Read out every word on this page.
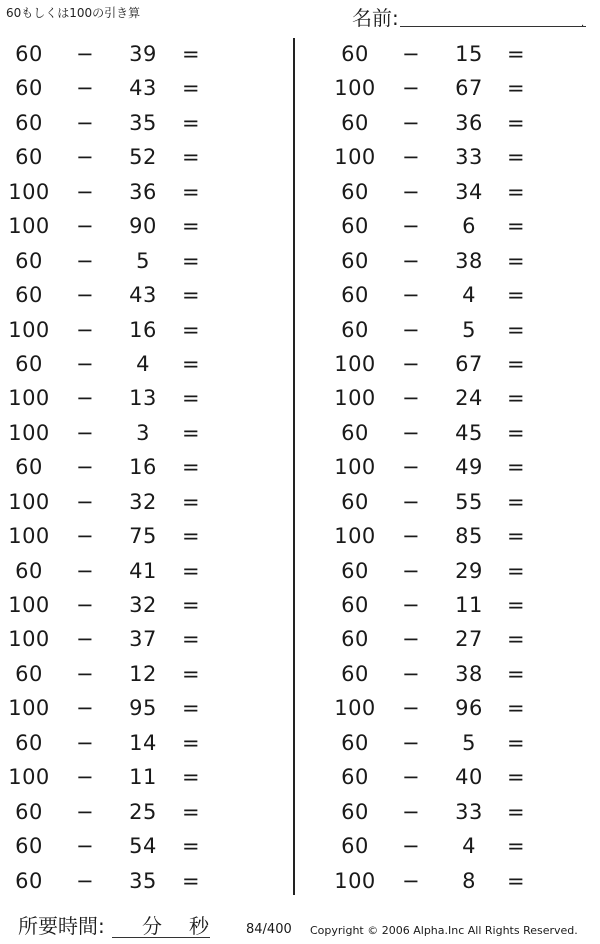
60もしくは100の引き算	名前:	.
60	−	39	=
60	−	43	=
60	−	35	=
60	−	52	=
100 −	36	=
100 −	90	=
60	−	5	=
60	−	43	=
100 −	16	=
60	−	4	=
100 −	13	=
100 −	3	=
60	−	16	=
100 −	32	=
100 −	75	=
60	−	41	=
100 −	32	=
100 −	37	=
60	−	12	=
100 −	95	=
60	−	14	=
100 −	11	=
60	−	25	=
60	−	54	=
60	−	35	=
60	−	15	=
100 −	67	=
60	−	36	=
100 −	33	=
60	−	34	=
60	−	6	=
60	−	38	=
60	−	4	=
60	−	5	=
100 −	67	=
100 −	24	=
60	−	45	=
100 −	49	=
60	−	55	=
100 −	85	=
60	−	29	=
60	−	11	=
60	−	27	=
60	−	38	=
100 −	96	=
60	−	5	=
60	−	40	=
60	−	33	=
60	−	4	=
100 −	8	=
所要時間: 分 秒	84/400 Copyright © 2006 Alpha.Inc All Rights Reserved.
